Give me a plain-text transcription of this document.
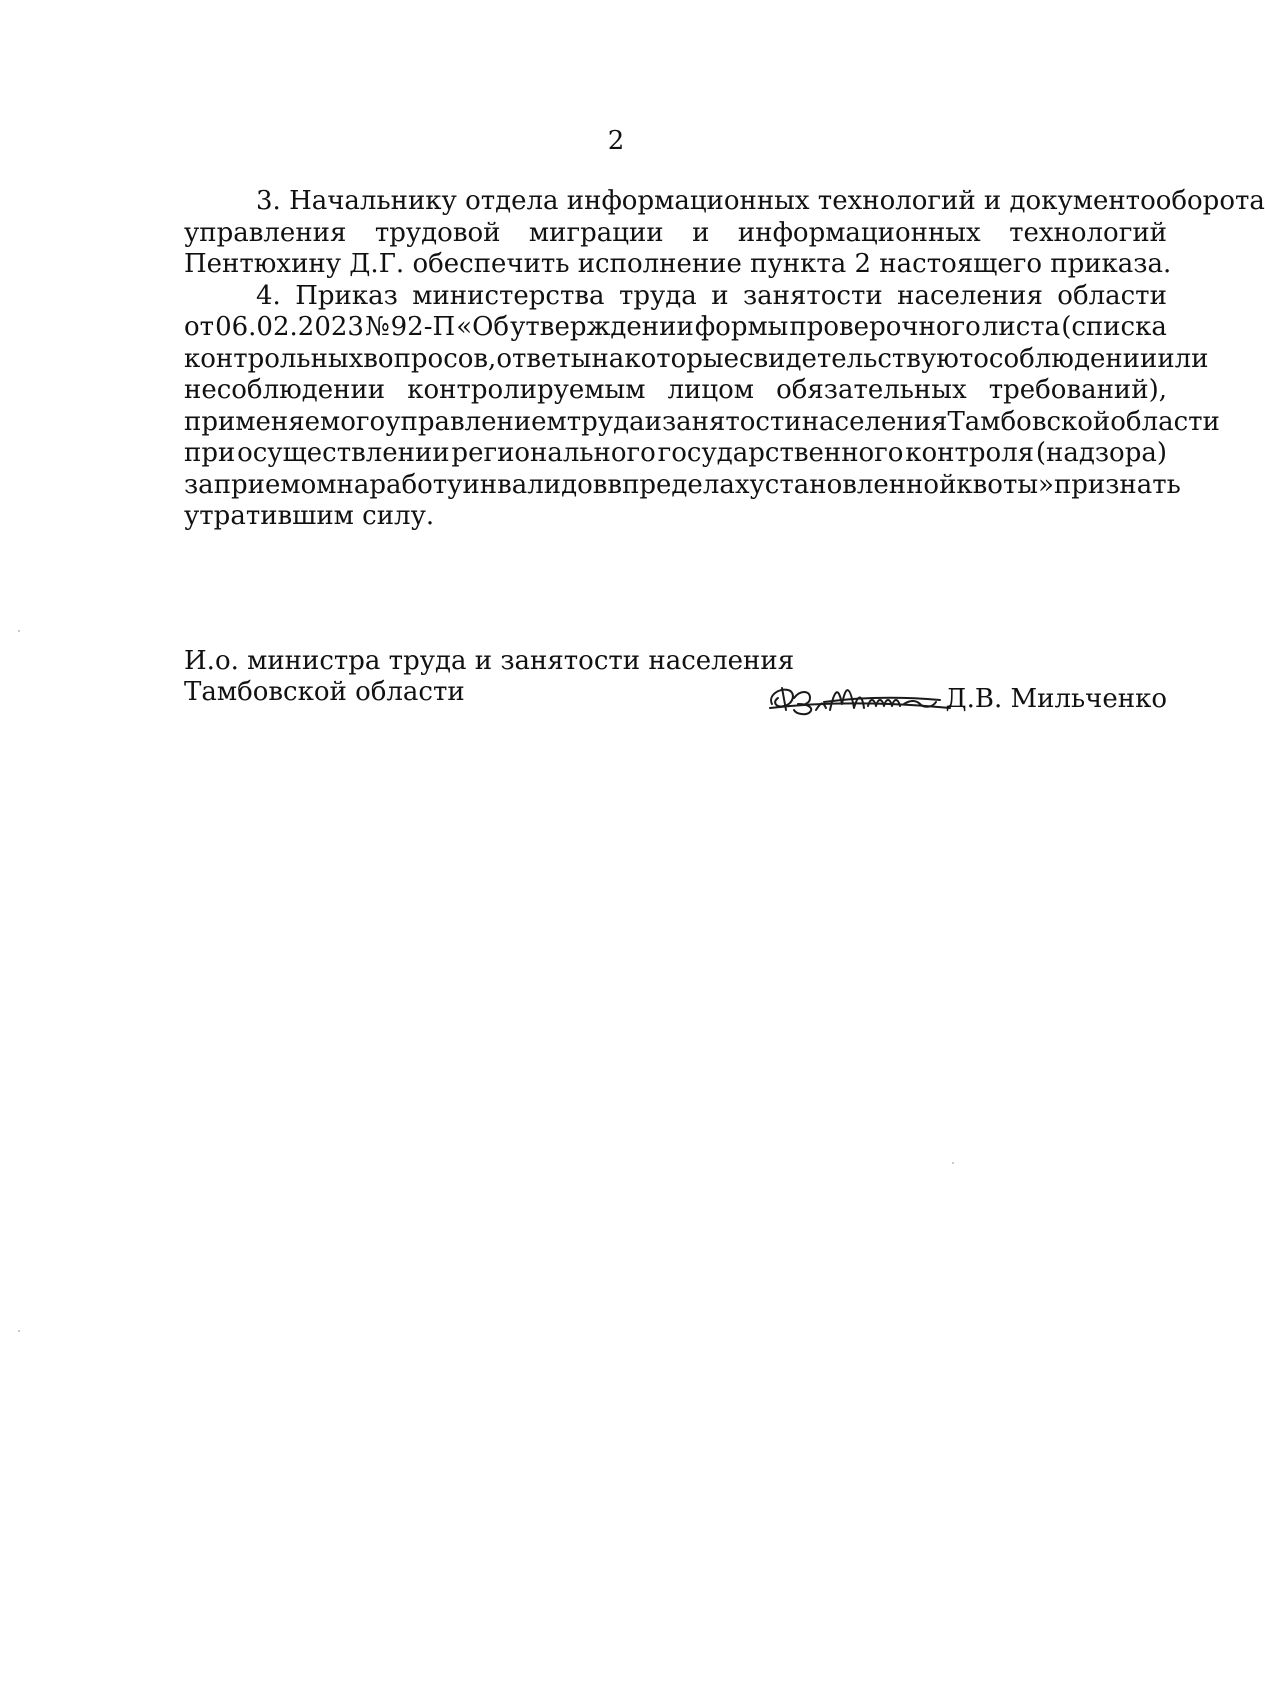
2
3. Начальнику отдела информационных технологий и документооборота
управления трудовой миграции и информационных технологий
Пентюхину Д.Г. обеспечить исполнение пункта 2 настоящего приказа.
4. Приказ министерства труда и занятости населения области
от 06.02.2023 № 92-П «Об утверждении формы проверочного листа (списка
контрольных вопросов, ответы на которые свидетельствуют о соблюдении или
несоблюдении контролируемым лицом обязательных требований),
применяемого управлением труда и занятости населения Тамбовской области
при осуществлении регионального государственного контроля (надзора)
за приемом на работу инвалидов в пределах установленной квоты» признать
утратившим силу.
И.о. министра труда и занятости населения
Тамбовской области	Д.В. Мильченко
